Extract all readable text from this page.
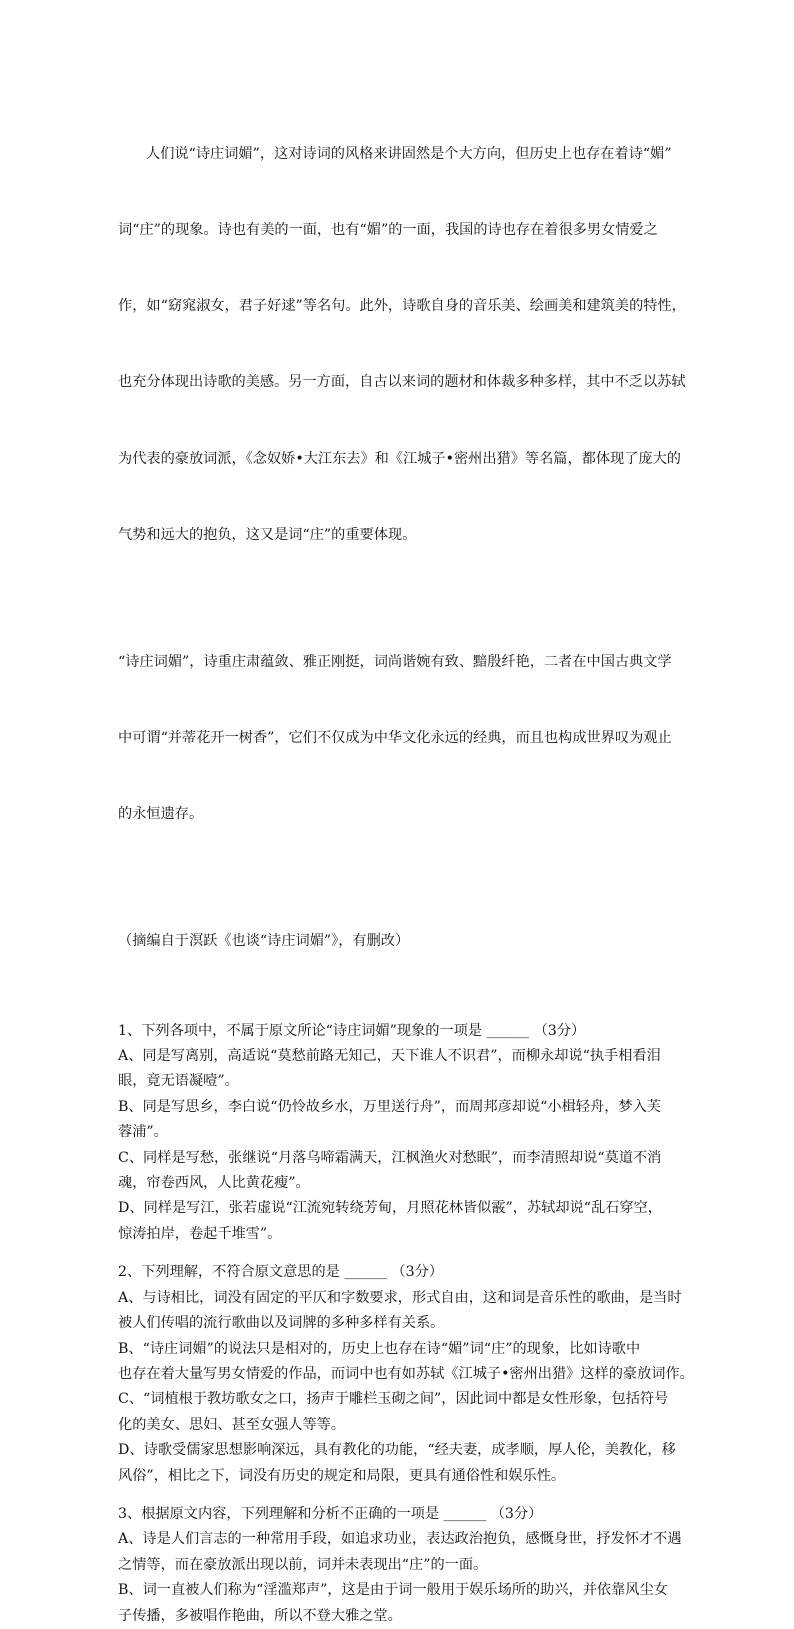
人们说“诗庄词媚”，这对诗词的风格来讲固然是个大方向，但历史上也存在着诗“媚”

词“庄”的现象。诗也有美的一面，也有“媚”的一面，我国的诗也存在着很多男女情爱之

作，如“窈窕淑女，君子好逑”等名句。此外，诗歌自身的音乐美、绘画美和建筑美的特性，

也充分体现出诗歌的美感。另一方面，自古以来词的题材和体裁多种多样，其中不乏以苏轼

为代表的豪放词派，《念奴娇•大江东去》和《江城子•密州出猎》等名篇，都体现了庞大的

气势和远大的抱负，这又是词“庄”的重要体现。

“诗庄词媚”，诗重庄肃蕴敛、雅正刚挺，词尚谐婉有致、黯殷纤艳，二者在中国古典文学

中可谓“并蒂花开一树香”，它们不仅成为中华文化永远的经典，而且也构成世界叹为观止

的永恒遗存。

（摘编自于溟跃《也谈“诗庄词媚”》，有删改）

1、下列各项中，不属于原文所论“诗庄词媚”现象的一项是 ______ （3分）
A、同是写离别，高适说“莫愁前路无知己，天下谁人不识君”，而柳永却说“执手相看泪
眼，竟无语凝噎”。
B、同是写思乡，李白说“仍怜故乡水，万里送行舟”，而周邦彦却说“小楫轻舟，梦入芙
蓉浦”。
C、同样是写愁，张继说“月落乌啼霜满天，江枫渔火对愁眠”，而李清照却说“莫道不消
魂，帘卷西风，人比黄花瘦”。
D、同样是写江，张若虚说“江流宛转绕芳甸，月照花林皆似霰”，苏轼却说“乱石穿空，
惊涛拍岸，卷起千堆雪”。
2、下列理解，不符合原文意思的是 ______ （3分）
A、与诗相比，词没有固定的平仄和字数要求，形式自由，这和词是音乐性的歌曲，是当时
被人们传唱的流行歌曲以及词牌的多种多样有关系。
B、“诗庄词媚”的说法只是相对的，历史上也存在诗“媚”词“庄”的现象，比如诗歌中
也存在着大量写男女情爱的作品，而词中也有如苏轼《江城子•密州出猎》这样的豪放词作。
C、“词植根于教坊歌女之口，扬声于雕栏玉砌之间”，因此词中都是女性形象，包括符号
化的美女、思妇、甚至女强人等等。
D、诗歌受儒家思想影响深远，具有教化的功能，“经夫妻，成孝顺，厚人伦，美教化，移
风俗”，相比之下，词没有历史的规定和局限，更具有通俗性和娱乐性。
3、根据原文内容，下列理解和分析不正确的一项是 ______ （3分）
A、诗是人们言志的一种常用手段，如追求功业，表达政治抱负，感慨身世，抒发怀才不遇
之情等，而在豪放派出现以前，词并未表现出“庄”的一面。
B、词一直被人们称为“淫滥郑声”，这是由于词一般用于娱乐场所的助兴，并依靠风尘女
子传播，多被唱作艳曲，所以不登大雅之堂。
